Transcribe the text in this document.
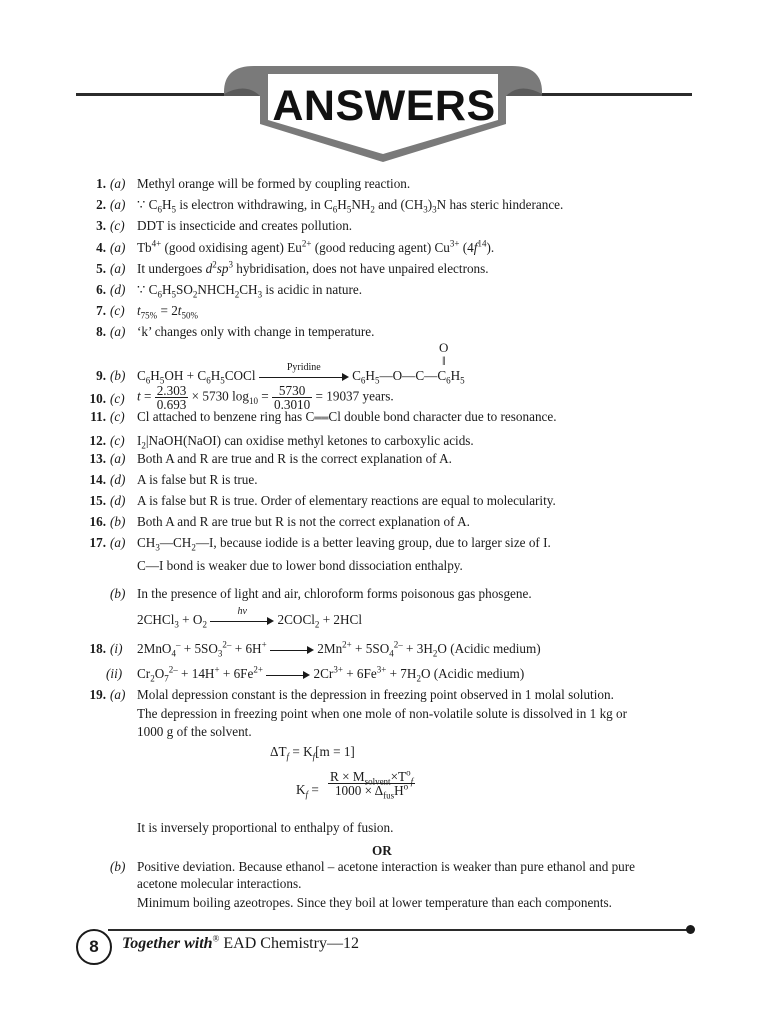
ANSWERS
1. (a) Methyl orange will be formed by coupling reaction.
2. (a) ∵ $C_6H_5$ is electron withdrawing, in $C_6H_5NH_2$ and $(CH_3)_3N$ has steric hinderance.
3. (c) DDT is insecticide and creates pollution.
4. (a) $Tb^{4+}$ (good oxidising agent) $Eu^{2+}$ (good reducing agent) $Cu^{3+}$ $(4f^{14})$.
5. (a) It undergoes $d^2sp^3$ hybridisation, does not have unpaired electrons.
6. (d) ∵ $C_6H_5SO_2NHCH_2CH_3$ is acidic in nature.
7. (c) $t_{75\%} = 2t_{50\%}$
8. (a) ‘k’ changes only with change in temperature.
O
‖
9. (b) $C_6H_5OH$ + $C_6H_5COCl$
Pyridine
$C_6H_5—O—C—C_6H_5$
10. (c) $t = \frac{2.303}{0.693} \times 5730$ $\log_{10} = \frac{5730}{0.3010} = 19037$ years.
11. (c) Cl attached to benzene ring has C══Cl double bond character due to resonance.
12. (c) $I_2|NaOH(NaOI)$ can oxidise methyl ketones to carboxylic acids.
13. (a) Both A and R are true and R is the correct explanation of A.
14. (d) A is false but R is true.
15. (d) A is false but R is true. Order of elementary reactions are equal to molecularity.
16. (b) Both A and R are true but R is not the correct explanation of A.
17. (a) $CH_3—CH_2—I$, because iodide is a better leaving group, due to larger size of I.
C—I bond is weaker due to lower bond dissociation enthalpy.
(b) In the presence of light and air, chloroform forms poisonous gas phosgene.
2CHCl$_3$ + $O_2$
hν
2COCl$_2$ + 2HCl
18. (i) $2MnO_4^- + 5SO_3^{2-} + 6H^+$	$2Mn^{2+} + 5SO_4^{2-} + 3H_2O$ (Acidic medium)
(ii) $Cr_2O_7^{2-} + 14H^+ + 6Fe^{2+}$	$2Cr^{3+} + 6Fe^{3+} + 7H_2O$ (Acidic medium)
19. (a) Molal depression constant is the depression in freezing point observed in 1 molal solution.
The depression in freezing point when one mole of non-volatile solute is dissolved in 1 kg or
1000 g of the solvent.
$\Delta T_f = K_f[m = 1]$
$K_f$ =
$R \times M_{solvent}\times T^o_f$
$1000 \times \Delta_{fus}H^o$
It is inversely proportional to enthalpy of fusion.
OR
(b) Positive deviation. Because ethanol – acetone interaction is weaker than pure ethanol and pure
acetone molecular interactions.
Minimum boiling azeotropes. Since they boil at lower temperature than each components.
8	Together with® EAD Chemistry—12
